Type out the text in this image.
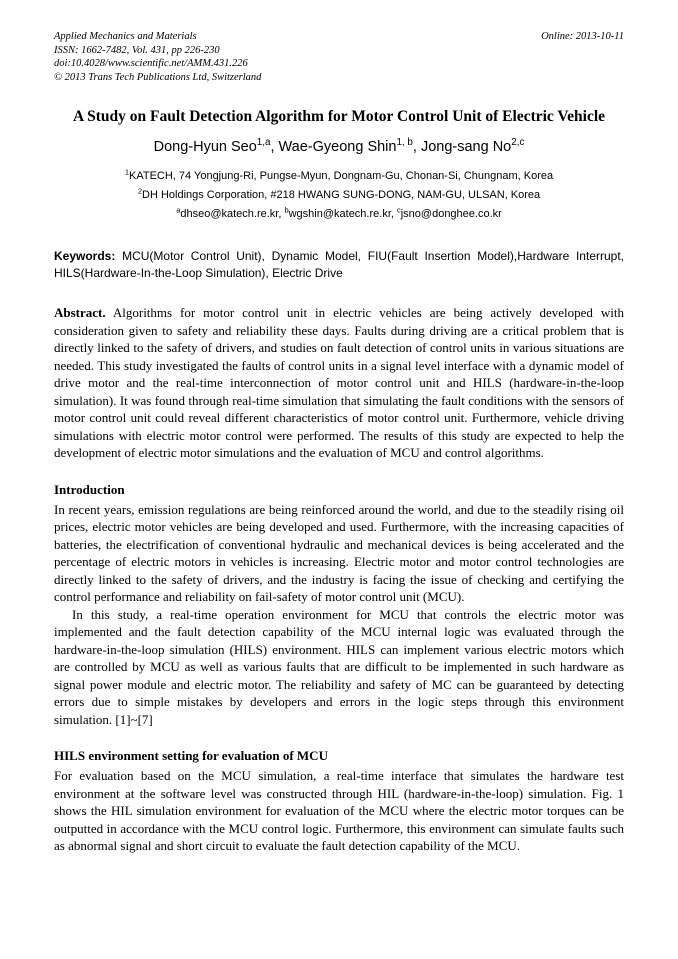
Applied Mechanics and Materials	Online: 2013-10-11
ISSN: 1662-7482, Vol. 431, pp 226-230
doi:10.4028/www.scientific.net/AMM.431.226
© 2013 Trans Tech Publications Ltd, Switzerland
A Study on Fault Detection Algorithm for Motor Control Unit of Electric Vehicle
Dong-Hyun Seo$^{1,a}$, Wae-Gyeong Shin$^{1, b}$, Jong-sang No$^{2,c}$
$^1$KATECH, 74 Yongjung-Ri, Pungse-Myun, Dongnam-Gu, Chonan-Si, Chungnam, Korea
$^2$DH Holdings Corporation, #218 HWANG SUNG-DONG, NAM-GU, ULSAN, Korea
$^a$dhseo@katech.re.kr, $^b$wgshin@katech.re.kr, $^c$jsno@donghee.co.kr
Keywords: MCU(Motor Control Unit), Dynamic Model, FIU(Fault Insertion Model),Hardware Interrupt, HILS(Hardware-In-the-Loop Simulation), Electric Drive
Abstract. Algorithms for motor control unit in electric vehicles are being actively developed with consideration given to safety and reliability these days. Faults during driving are a critical problem that is directly linked to the safety of drivers, and studies on fault detection of control units in various situations are needed. This study investigated the faults of control units in a signal level interface with a dynamic model of drive motor and the real-time interconnection of motor control unit and HILS (hardware-in-the-loop simulation). It was found through real-time simulation that simulating the fault conditions with the sensors of motor control unit could reveal different characteristics of motor control unit. Furthermore, vehicle driving simulations with electric motor control were performed. The results of this study are expected to help the development of electric motor simulations and the evaluation of MCU and control algorithms.
Introduction

In recent years, emission regulations are being reinforced around the world, and due to the steadily rising oil prices, electric motor vehicles are being developed and used. Furthermore, with the increasing capacities of batteries, the electrification of conventional hydraulic and mechanical devices is being accelerated and the percentage of electric motors in vehicles is increasing. Electric motor and motor control technologies are directly linked to the safety of drivers, and the industry is facing the issue of checking and certifying the control performance and reliability on fail-safety of motor control unit (MCU).

In this study, a real-time operation environment for MCU that controls the electric motor was implemented and the fault detection capability of the MCU internal logic was evaluated through the hardware-in-the-loop simulation (HILS) environment. HILS can implement various electric motors which are controlled by MCU as well as various faults that are difficult to be implemented in such hardware as signal power module and electric motor. The reliability and safety of MC can be guaranteed by detecting errors due to simple mistakes by developers and errors in the logic steps through this environment simulation. [1]~[7]

HILS environment setting for evaluation of MCU

For evaluation based on the MCU simulation, a real-time interface that simulates the hardware test environment at the software level was constructed through HIL (hardware-in-the-loop) simulation. Fig. 1 shows the HIL simulation environment for evaluation of the MCU where the electric motor torques can be outputted in accordance with the MCU control logic. Furthermore, this environment can simulate faults such as abnormal signal and short circuit to evaluate the fault detection capability of the MCU.
